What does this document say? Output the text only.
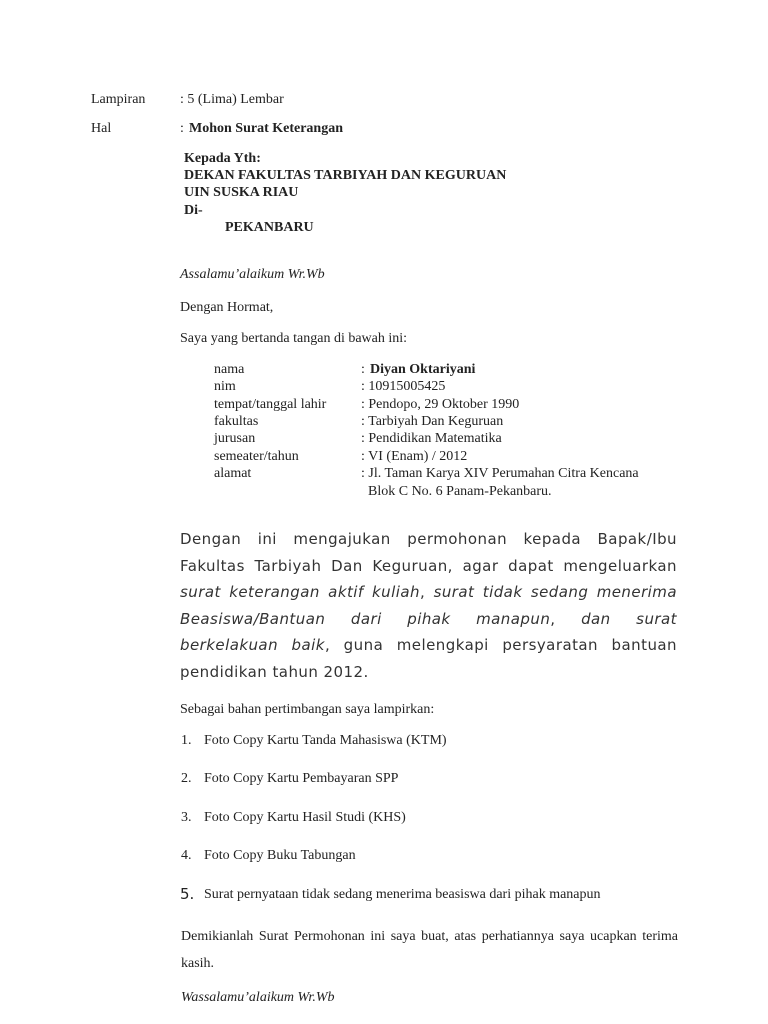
Lampiran : 5 (Lima) Lembar
Hal	: Mohon Surat Keterangan
Kepada Yth:
DEKAN FAKULTAS TARBIYAH DAN KEGURUAN
UIN SUSKA RIAU
Di-
PEKANBARU
Assalamu’alaikum Wr.Wb
Dengan Hormat,
Saya yang bertanda tangan di bawah ini:
nama	: Diyan Oktariyani
nim	: 10915005425
tempat/tanggal lahir : Pendopo, 29 Oktober 1990
fakultas	: Tarbiyah Dan Keguruan
jurusan	: Pendidikan Matematika
semeater/tahun	: VI (Enam) / 2012
alamat	: Jl. Taman Karya XIV Perumahan Citra Kencana
Blok C No. 6 Panam-Pekanbaru.
Dengan ini mengajukan permohonan kepada Bapak/Ibu Fakultas Tarbiyah Dan Keguruan, agar dapat mengeluarkan surat keterangan aktif kuliah, surat tidak sedang menerima Beasiswa/Bantuan dari pihak manapun, dan surat berkelakuan baik, guna melengkapi persyaratan bantuan pendidikan tahun 2012.
Sebagai bahan pertimbangan saya lampirkan:
1. Foto Copy Kartu Tanda Mahasiswa (KTM)
2. Foto Copy Kartu Pembayaran SPP
3. Foto Copy Kartu Hasil Studi (KHS)
4. Foto Copy Buku Tabungan
5. Surat pernyataan tidak sedang menerima beasiswa dari pihak manapun
Demikianlah Surat Permohonan ini saya buat, atas perhatiannya saya ucapkan terima kasih.
Wassalamu’alaikum Wr.Wb
